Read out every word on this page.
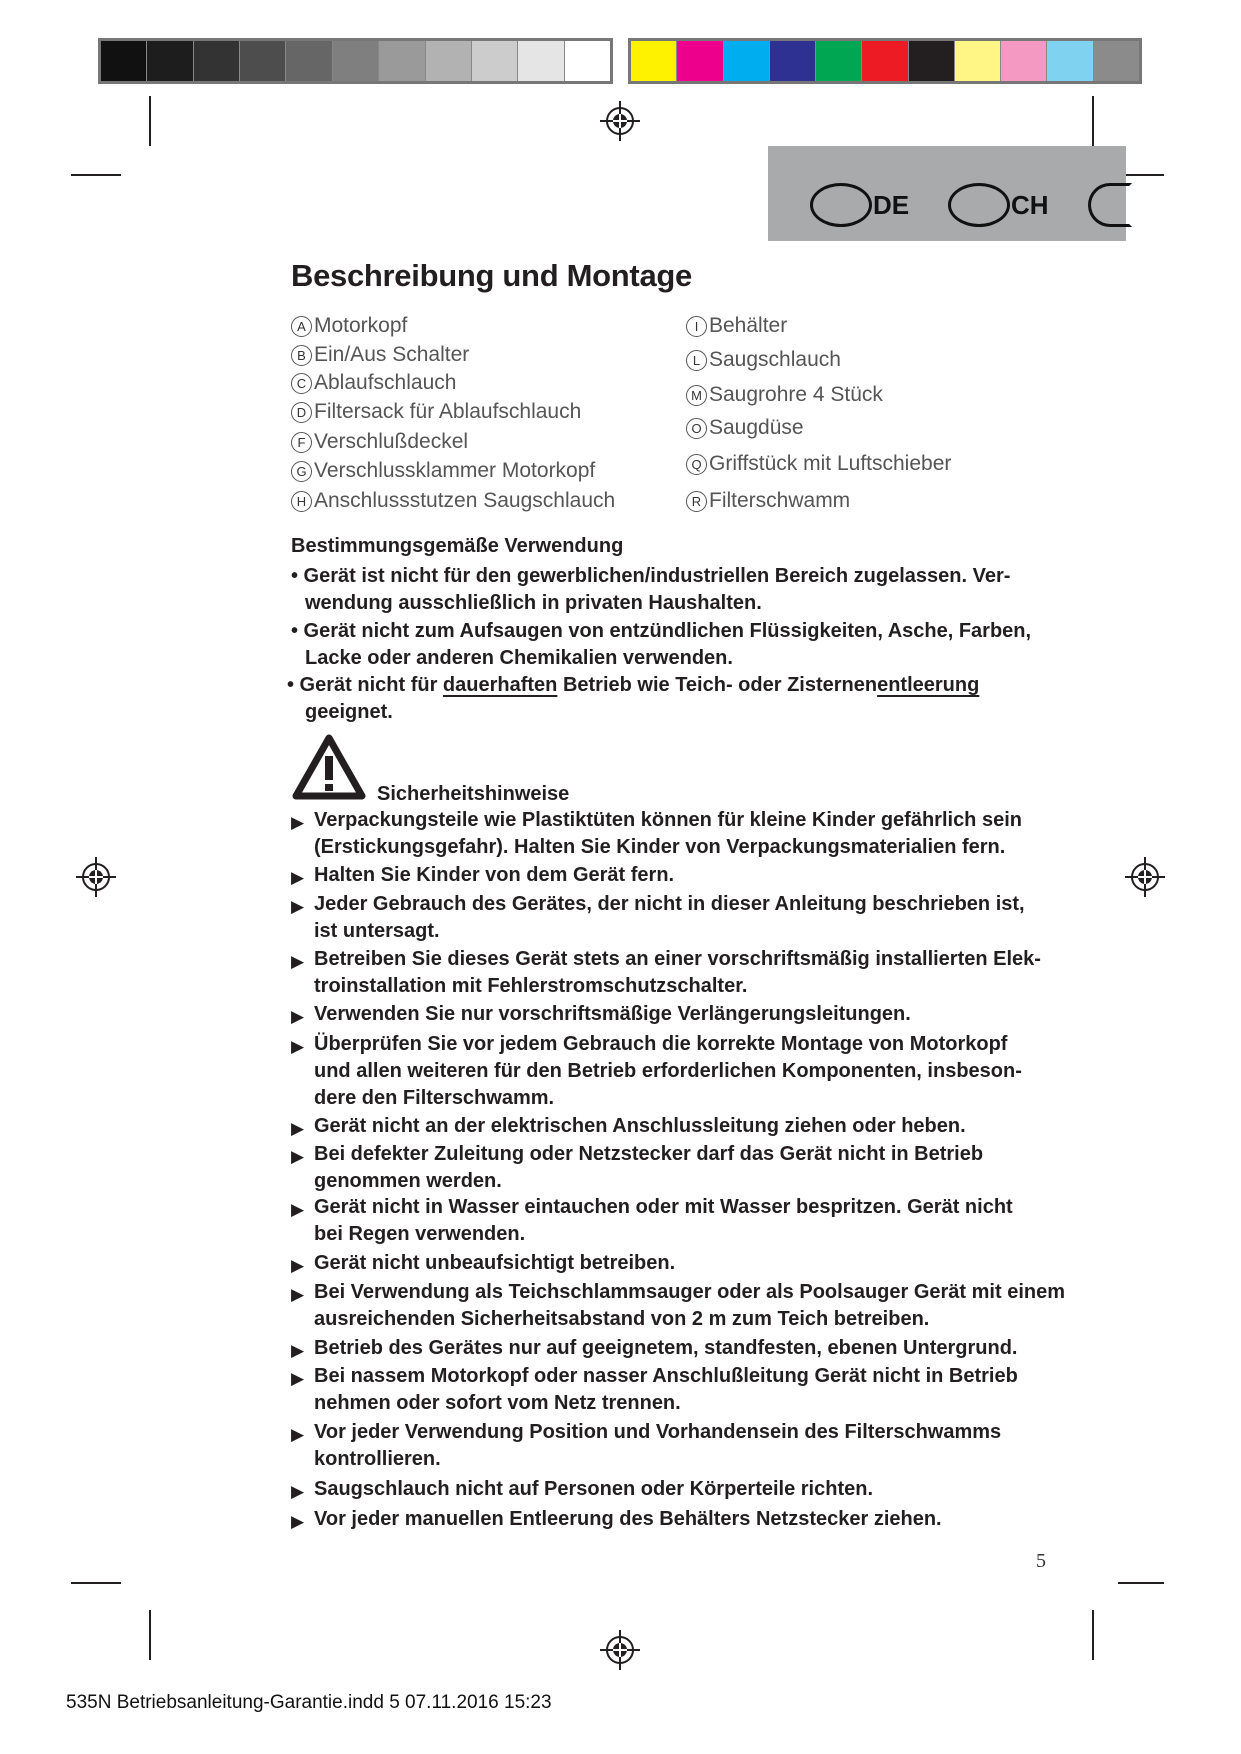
DE	CH
Beschreibung und Montage
A Motorkopf
B Ein/Aus Schalter
C Ablaufschlauch
D Filtersack für Ablaufschlauch
F Verschlußdeckel
G Verschlussklammer Motorkopf
H Anschlussstutzen Saugschlauch
I Behälter
L Saugschlauch
M Saugrohre 4 Stück
O Saugdüse
Q Griffstück mit Luftschieber
R Filterschwamm
Bestimmungsgemäße Verwendung
• Gerät ist nicht für den gewerblichen/industriellen Bereich zugelassen. Ver-
wendung ausschließlich in privaten Haushalten.
• Gerät nicht zum Aufsaugen von entzündlichen Flüssigkeiten, Asche, Farben,
Lacke oder anderen Chemikalien verwenden.
• Gerät nicht für dauerhaften Betrieb wie Teich- oder Zisternenentleerung
geeignet.
Sicherheitshinweise
▶ Verpackungsteile wie Plastiktüten können für kleine Kinder gefährlich sein
(Erstickungsgefahr). Halten Sie Kinder von Verpackungsmaterialien fern.
▶ Halten Sie Kinder von dem Gerät fern.
▶ Jeder Gebrauch des Gerätes, der nicht in dieser Anleitung beschrieben ist,
ist untersagt.
▶ Betreiben Sie dieses Gerät stets an einer vorschriftsmäßig installierten Elek-
troinstallation mit Fehlerstromschutzschalter.
▶ Verwenden Sie nur vorschriftsmäßige Verlängerungsleitungen.
▶ Überprüfen Sie vor jedem Gebrauch die korrekte Montage von Motorkopf
und allen weiteren für den Betrieb erforderlichen Komponenten, insbeson-
dere den Filterschwamm.
▶ Gerät nicht an der elektrischen Anschlussleitung ziehen oder heben.
▶ Bei defekter Zuleitung oder Netzstecker darf das Gerät nicht in Betrieb
genommen werden.
▶ Gerät nicht in Wasser eintauchen oder mit Wasser bespritzen. Gerät nicht
bei Regen verwenden.
▶ Gerät nicht unbeaufsichtigt betreiben.
▶ Bei Verwendung als Teichschlammsauger oder als Poolsauger Gerät mit einem
ausreichenden Sicherheitsabstand von 2 m zum Teich betreiben.
▶ Betrieb des Gerätes nur auf geeignetem, standfesten, ebenen Untergrund.
▶ Bei nassem Motorkopf oder nasser Anschlußleitung Gerät nicht in Betrieb
nehmen oder sofort vom Netz trennen.
▶ Vor jeder Verwendung Position und Vorhandensein des Filterschwamms
kontrollieren.
▶ Saugschlauch nicht auf Personen oder Körperteile richten.
▶ Vor jeder manuellen Entleerung des Behälters Netzstecker ziehen.
5
535N Betriebsanleitung-Garantie.indd 5 07.11.2016 15:23
